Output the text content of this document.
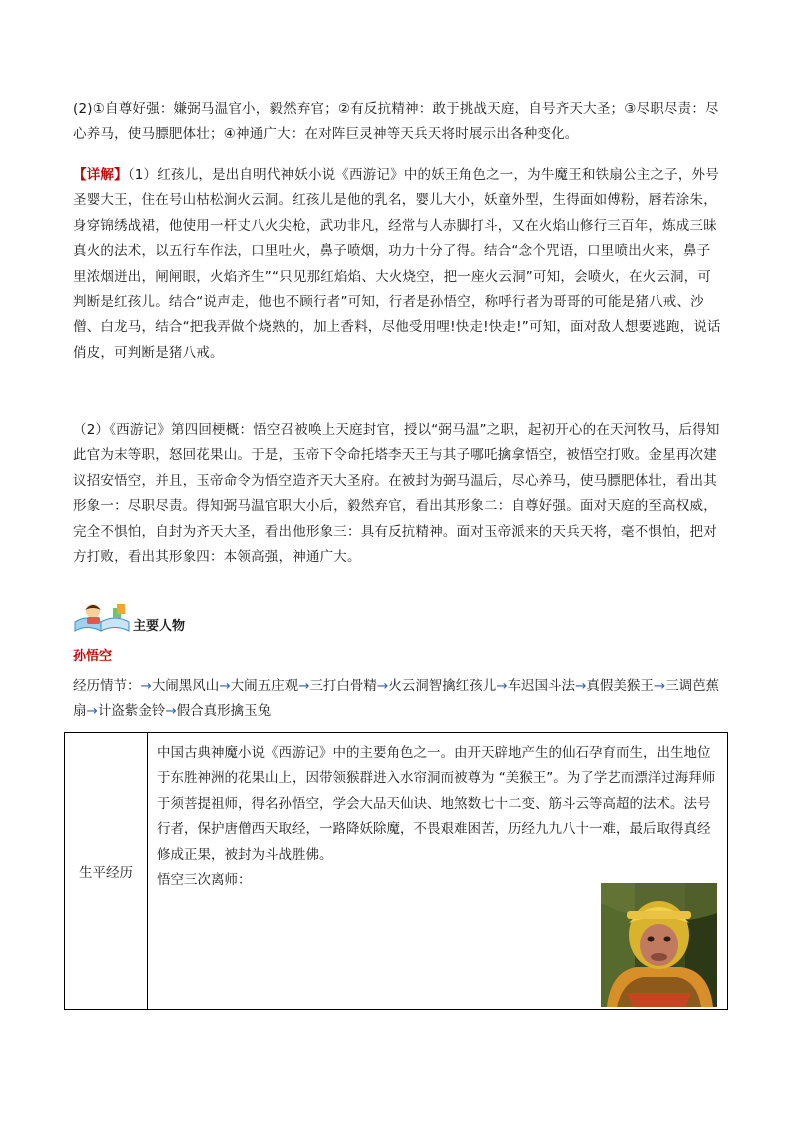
(2)①自尊好强：嫌弼马温官小，毅然弃官；②有反抗精神：敢于挑战天庭，自号齐天大圣；③尽职尽责：尽心养马，使马膘肥体壮；④神通广大：在对阵巨灵神等天兵天将时展示出各种变化。

【详解】（1）红孩儿，是出自明代神妖小说《西游记》中的妖王角色之一，为牛魔王和铁扇公主之子，外号圣婴大王，住在号山枯松涧火云洞。红孩儿是他的乳名，婴儿大小，妖童外型，生得面如傅粉，唇若涂朱，身穿锦绣战裙，他使用一杆丈八火尖枪，武功非凡，经常与人赤脚打斗，又在火焰山修行三百年，炼成三昧真火的法术，以五行车作法，口里吐火，鼻子喷烟，功力十分了得。结合“念个咒语，口里喷出火来，鼻子里浓烟迸出，闸闸眼，火焰齐生”“只见那红焰焰、大火烧空，把一座火云洞”可知，会喷火，在火云洞，可判断是红孩儿。结合“说声走，他也不顾行者”可知，行者是孙悟空，称呼行者为哥哥的可能是猪八戒、沙僧、白龙马，结合“把我弄做个烧熟的，加上香料，尽他受用哩!快走!快走!”可知，面对敌人想要逃跑，说话俏皮，可判断是猪八戒。

（2）《西游记》第四回梗概：悟空召被唤上天庭封官，授以“弼马温”之职，起初开心的在天河牧马，后得知此官为末等职，怒回花果山。于是，玉帝下令命托塔李天王与其子哪吒擒拿悟空，被悟空打败。金星再次建议招安悟空，并且，玉帝命令为悟空造齐天大圣府。在被封为弼马温后，尽心养马，使马膘肥体壮，看出其形象一：尽职尽责。得知弼马温官职大小后，毅然弃官，看出其形象二：自尊好强。面对天庭的至高权威，完全不惧怕，自封为齐天大圣，看出他形象三：具有反抗精神。面对玉帝派来的天兵天将，毫不惧怕，把对方打败，看出其形象四：本领高强，神通广大。

主要人物
孙悟空
经历情节：→大闹黑风山→大闹五庄观→三打白骨精→火云洞智擒红孩儿→车迟国斗法→真假美猴王→三调芭蕉扇→计盗紫金铃→假合真形擒玉兔
生平经历	
中国古典神魔小说《西游记》中的主要角色之一。由开天辟地产生的仙石孕育而生，出生地位于东胜神洲的花果山上，因带领猴群进入水帘洞而被尊为 “美猴王”。为了学艺而漂洋过海拜师于须菩提祖师，得名孙悟空，学会大品天仙诀、地煞数七十二变、筋斗云等高超的法术。法号行者，保护唐僧西天取经，一路降妖除魔，不畏艰难困苦，历经九九八十一难，最后取得真经修成正果，被封为斗战胜佛。
悟空三次离师：
